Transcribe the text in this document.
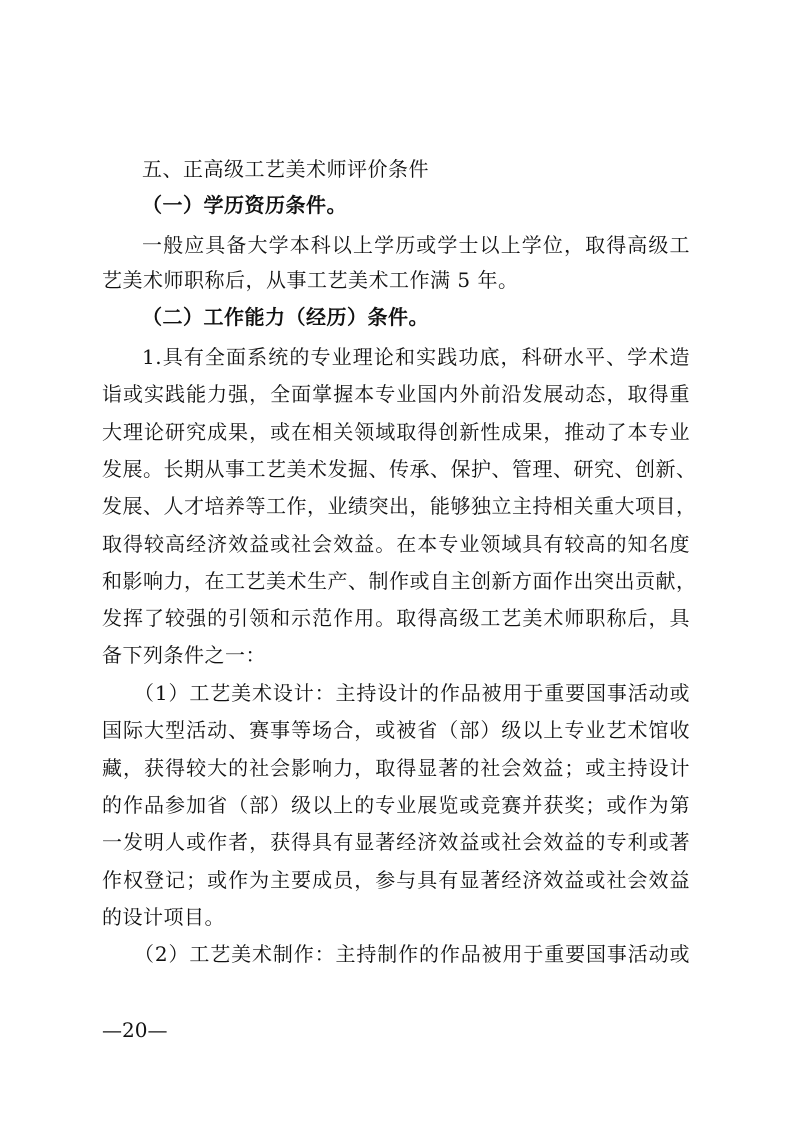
五、正高级工艺美术师评价条件
（一）学历资历条件。
一般应具备大学本科以上学历或学士以上学位，取得高级工
艺美术师职称后，从事工艺美术工作满 5 年。
（二）工作能力（经历）条件。
1.具有全面系统的专业理论和实践功底，科研水平、学术造
诣或实践能力强，全面掌握本专业国内外前沿发展动态，取得重
大理论研究成果，或在相关领域取得创新性成果，推动了本专业
发展。长期从事工艺美术发掘、传承、保护、管理、研究、创新、
发展、人才培养等工作，业绩突出，能够独立主持相关重大项目，
取得较高经济效益或社会效益。在本专业领域具有较高的知名度
和影响力，在工艺美术生产、制作或自主创新方面作出突出贡献，
发挥了较强的引领和示范作用。取得高级工艺美术师职称后，具
备下列条件之一：
（1）工艺美术设计：主持设计的作品被用于重要国事活动或
国际大型活动、赛事等场合，或被省（部）级以上专业艺术馆收
藏，获得较大的社会影响力，取得显著的社会效益；或主持设计
的作品参加省（部）级以上的专业展览或竞赛并获奖；或作为第
一发明人或作者，获得具有显著经济效益或社会效益的专利或著
作权登记；或作为主要成员，参与具有显著经济效益或社会效益
的设计项目。
（2）工艺美术制作：主持制作的作品被用于重要国事活动或
—20—
